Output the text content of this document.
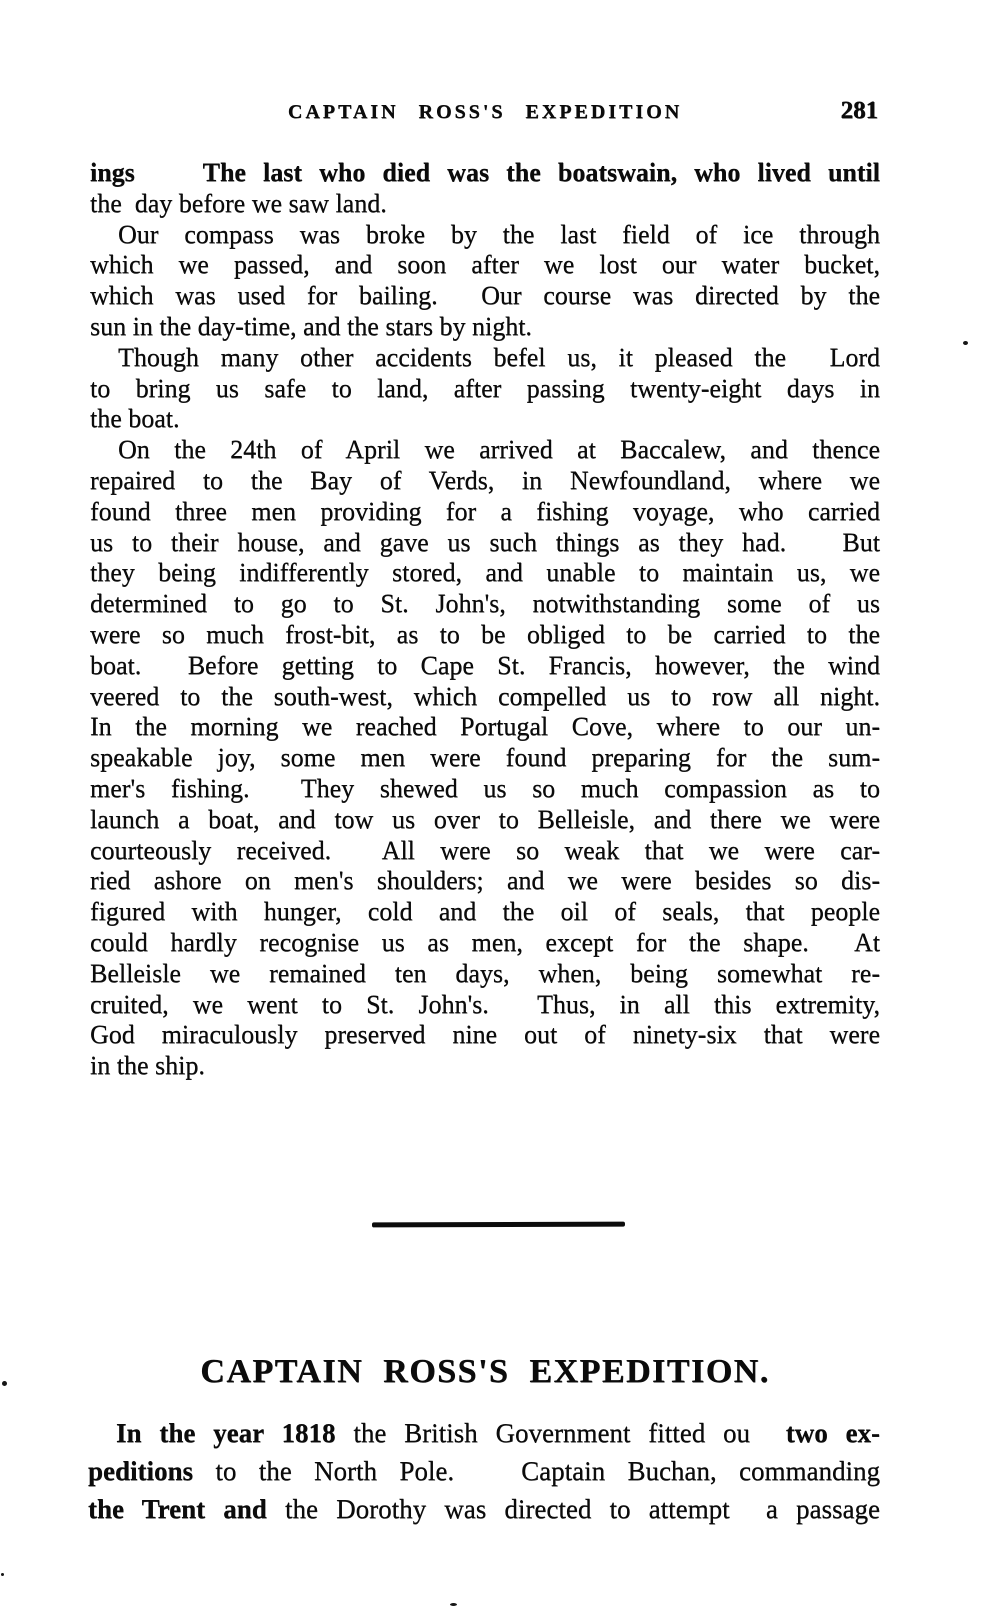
CAPTAIN ROSS'S EXPEDITION	281
ings    The last who died was the boatswain, who lived until
the  day before we saw land.
Our compass was broke by the last field of ice through
which we passed, and soon after we lost our water bucket,
which was used for bailing.  Our course was directed by the
sun in the day-time, and the stars by night.
Though many other accidents befel us, it pleased the  Lord
to bring us safe to land, after passing twenty-eight days in
the boat.
On the 24th of April we arrived at Baccalew, and thence
repaired to the Bay of Verds, in Newfoundland, where we
found three men providing for a fishing voyage, who carried
us to their house, and gave us such things as they had.   But
they being indifferently stored, and unable to maintain us, we
determined to go to St. John's, notwithstanding some of us
were so much frost-bit, as to be obliged to be carried to the
boat.  Before getting to Cape St. Francis, however, the wind
veered to the south-west, which compelled us to row all night.
In the morning we reached Portugal Cove, where to our un-
speakable joy, some men were found preparing for the sum-
mer's fishing.  They shewed us so much compassion as to
launch a boat, and tow us over to Belleisle, and there we were
courteously received.  All were so weak that we were car-
ried ashore on men's shoulders; and we were besides so dis-
figured with hunger, cold and the oil of seals, that people
could hardly recognise us as men, except for the shape.  At
Belleisle we remained ten days, when, being somewhat re-
cruited, we went to St. John's.  Thus, in all this extremity,
God miraculously preserved nine out of ninety-six that were
in the ship.
CAPTAIN ROSS'S EXPEDITION.
In the year 1818 the British Government fitted ou  two ex-
peditions to the North Pole.   Captain Buchan, commanding
the Trent and the Dorothy was directed to attempt  a passage
